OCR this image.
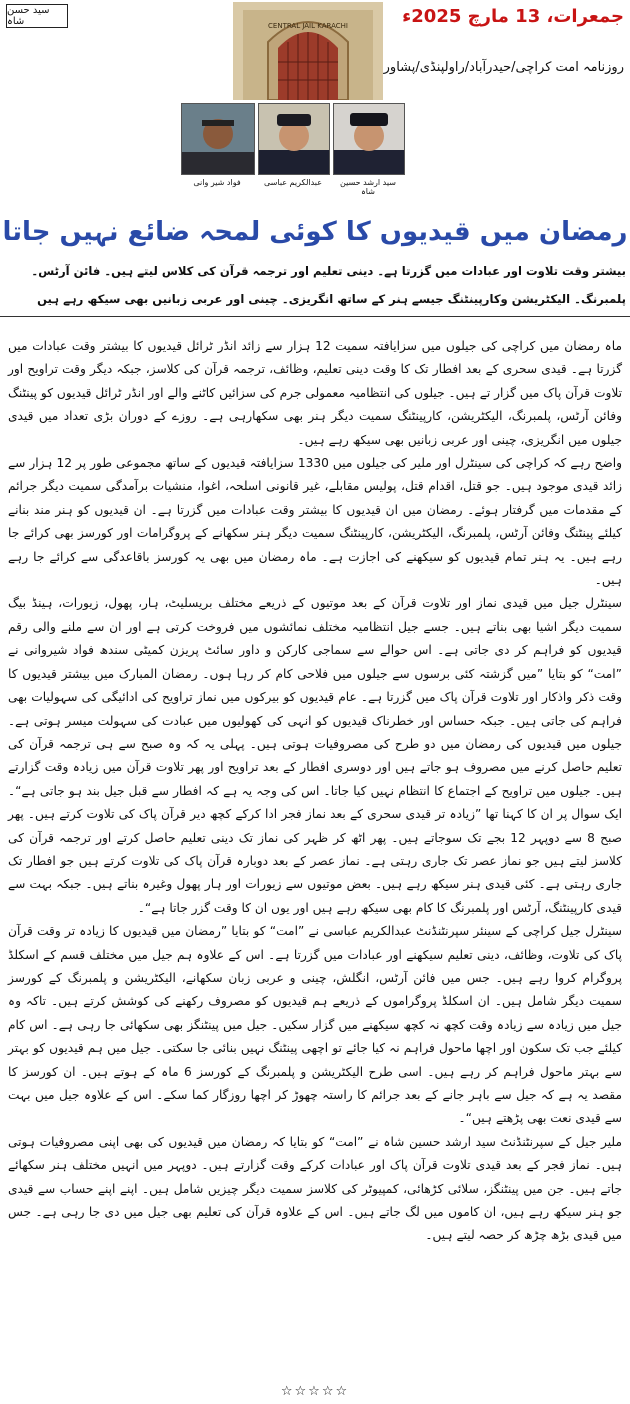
سید حسن شاہ	جمعرات، 13 مارچ 2025ء
روزنامہ امت کراچی/حیدرآباد/راولپنڈی/پشاور
CENTRAL JAIL KARACHI
سید ارشد حسین شاہ
عبدالکریم عباسی
فواد شیر وانی
رمضان میں قیدیوں کا کوئی لمحہ ضائع نہیں جاتا
بیشتر وقت تلاوت اور عبادات میں گزرتا ہے۔ دینی تعلیم اور ترجمہ قرآن کی کلاس لیتے ہیں۔ فائن آرٹس۔
پلمبرنگ۔ الیکٹریشن وکارپینٹنگ جیسے ہنر کے ساتھ انگریزی۔ چینی اور عربی زبانیں بھی سیکھ رہے ہیں

ماہ رمضان میں کراچی کی جیلوں میں سزایافتہ سمیت 12 ہزار سے زائد انڈر ٹرائل قیدیوں کا بیشتر وقت عبادات میں گزرتا ہے۔ قیدی سحری کے بعد افطار تک کا وقت دینی تعلیم، وظائف، ترجمہ قرآن کی کلاسز، جبکہ دیگر وقت تراویح اور تلاوت قرآن پاک میں گزار تے ہیں۔ جیلوں کی انتظامیہ معمولی جرم کی سزائیں کاٹنے والے اور انڈر ٹرائل قیدیوں کو پینٹنگ وفائن آرٹس، پلمبرنگ، الیکٹریشن، کارپینٹنگ سمیت دیگر ہنر بھی سکھارہی ہے۔ روزے کے دوران بڑی تعداد میں قیدی جیلوں میں انگریزی، چینی اور عربی زبانیں بھی سیکھ رہے ہیں۔

واضح رہے کہ کراچی کی سینٹرل اور ملیر کی جیلوں میں 1330 سزایافتہ قیدیوں کے ساتھ مجموعی طور پر 12 ہزار سے زائد قیدی موجود ہیں۔ جو قتل، اقدام قتل، پولیس مقابلے، غیر قانونی اسلحہ، اغوا، منشیات برآمدگی سمیت دیگر جرائم کے مقدمات میں گرفتار ہوئے۔ رمضان میں ان قیدیوں کا بیشتر وقت عبادات میں گزرتا ہے۔ ان قیدیوں کو ہنر مند بنانے کیلئے پینٹنگ وفائن آرٹس، پلمبرنگ، الیکٹریشن، کارپینٹنگ سمیت دیگر ہنر سکھانے کے پروگرامات اور کورسز بھی کرائے جا رہے ہیں۔ یہ ہنر تمام قیدیوں کو سیکھنے کی اجازت ہے۔ ماہ رمضان میں بھی یہ کورسز باقاعدگی سے کرائے جا رہے ہیں۔

سینٹرل جیل میں قیدی نماز اور تلاوت قرآن کے بعد موتیوں کے ذریعے مختلف بریسلیٹ، ہار، پھول، زیورات، ہینڈ بیگ سمیت دیگر اشیا بھی بناتے ہیں۔ جسے جیل انتظامیہ مختلف نمائشوں میں فروخت کرتی ہے اور ان سے ملنے والی رقم قیدیوں کو فراہم کر دی جاتی ہے۔ اس حوالے سے سماجی کارکن و داور سائٹ پریزن کمیٹی سندھ فواد شیروانی نے ”امت“ کو بتایا ”میں گزشتہ کئی برسوں سے جیلوں میں فلاحی کام کر رہا ہوں۔ رمضان المبارک میں بیشتر قیدیوں کا وقت ذکر واذکار اور تلاوت قرآن پاک میں گزرتا ہے۔ عام قیدیوں کو بیرکوں میں نماز تراویح کی ادائیگی کی سہولیات بھی فراہم کی جاتی ہیں۔ جبکہ حساس اور خطرناک قیدیوں کو انہی کی کھولیوں میں عبادت کی سہولت میسر ہوتی ہے۔ جیلوں میں قیدیوں کی رمضان میں دو طرح کی مصروفیات ہوتی ہیں۔ پہلی یہ کہ وہ صبح سے ہی ترجمہ قرآن کی تعلیم حاصل کرنے میں مصروف ہو جاتے ہیں اور دوسری افطار کے بعد تراویح اور پھر تلاوت قرآن میں زیادہ وقت گزارتے ہیں۔ جیلوں میں تراویح کے اجتماع کا انتظام نہیں کیا جاتا۔ اس کی وجہ یہ ہے کہ افطار سے قبل جیل بند ہو جاتی ہے“۔ ایک سوال پر ان کا کہنا تھا ”زیادہ تر قیدی سحری کے بعد نماز فجر ادا کرکے کچھ دیر قرآن پاک کی تلاوت کرتے ہیں۔ پھر صبح 8 سے دوپہر 12 بجے تک سوجاتے ہیں۔ پھر اٹھ کر ظہر کی نماز تک دینی تعلیم حاصل کرتے اور ترجمہ قرآن کی کلاسز لیتے ہیں جو نماز عصر تک جاری رہتی ہے۔ نماز عصر کے بعد دوبارہ قرآن پاک کی تلاوت کرتے ہیں جو افطار تک جاری رہتی ہے۔ کئی قیدی ہنر سیکھ رہے ہیں۔ بعض موتیوں سے زیورات اور ہار پھول وغیرہ بناتے ہیں۔ جبکہ بہت سے قیدی کارپینٹنگ، آرٹس اور پلمبرنگ کا کام بھی سیکھ رہے ہیں اور یوں ان کا وقت گزر جاتا ہے“۔

سینٹرل جیل کراچی کے سینئر سپرنٹنڈنٹ عبدالکریم عباسی نے ”امت“ کو بتایا ”رمضان میں قیدیوں کا زیادہ تر وقت قرآن پاک کی تلاوت، وظائف، دینی تعلیم سیکھنے اور عبادات میں گزرتا ہے۔ اس کے علاوہ ہم جیل میں مختلف قسم کے اسکلڈ پروگرام کروا رہے ہیں۔ جس میں فائن آرٹس، انگلش، چینی و عربی زبان سکھانے، الیکٹریشن و پلمبرنگ کے کورسز سمیت دیگر شامل ہیں۔ ان اسکلڈ پروگراموں کے ذریعے ہم قیدیوں کو مصروف رکھنے کی کوشش کرتے ہیں۔ تاکہ وہ جیل میں زیادہ سے زیادہ وقت کچھ نہ کچھ سیکھنے میں گزار سکیں۔ جیل میں پینٹنگز بھی سکھائی جا رہی ہے۔ اس کام کیلئے جب تک سکون اور اچھا ماحول فراہم نہ کیا جائے تو اچھی پینٹنگ نہیں بنائی جا سکتی۔ جیل میں ہم قیدیوں کو بہتر سے بہتر ماحول فراہم کر رہے ہیں۔ اسی طرح الیکٹریشن و پلمبرنگ کے کورسز 6 ماہ کے ہوتے ہیں۔ ان کورسز کا مقصد یہ ہے کہ جیل سے باہر جانے کے بعد جرائم کا راستہ چھوڑ کر اچھا روزگار کما سکے۔ اس کے علاوہ جیل میں بہت سے قیدی نعت بھی پڑھتے ہیں“۔

ملیر جیل کے سپرنٹنڈنٹ سید ارشد حسین شاہ نے ”امت“ کو بتایا کہ رمضان میں قیدیوں کی بھی اپنی مصروفیات ہوتی ہیں۔ نماز فجر کے بعد قیدی تلاوت قرآن پاک اور عبادات کرکے وقت گزارتے ہیں۔ دوپہر میں انہیں مختلف ہنر سکھائے جاتے ہیں۔ جن میں پینٹنگز، سلائی کڑھائی، کمپیوٹر کی کلاسز سمیت دیگر چیزیں شامل ہیں۔ اپنے اپنے حساب سے قیدی جو ہنر سیکھ رہے ہیں، ان کاموں میں لگ جاتے ہیں۔ اس کے علاوہ قرآن کی تعلیم بھی جیل میں دی جا رہی ہے۔ جس میں قیدی بڑھ چڑھ کر حصہ لیتے ہیں۔

☆☆☆☆☆
